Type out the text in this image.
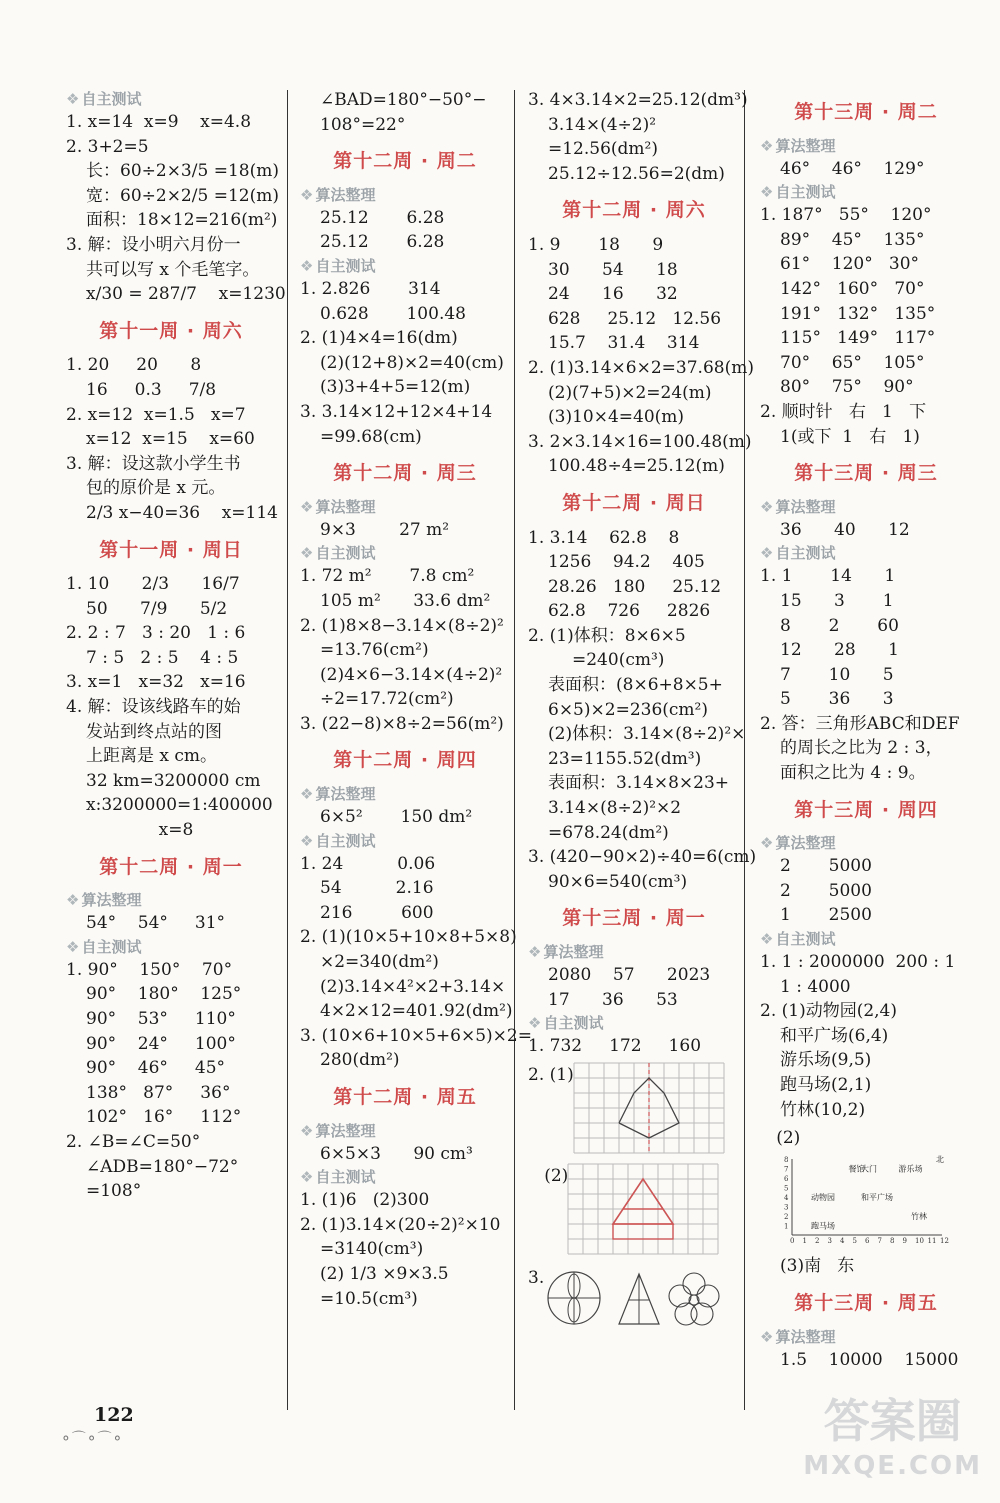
❖ 自主测试
1. x=14  x=9    x=4.8
2. 3+2=5
长：60÷2×3/5 =18(m)
宽：60÷2×2/5 =12(m)
面积：18×12=216(m²)
3. 解：设小明六月份一
共可以写 x 个毛笔字。
x/30 = 287/7    x=1230
第十一周 · 周六
1. 20     20      8
16     0.3     7/8
2. x=12  x=1.5   x=7
x=12  x=15    x=60
3. 解：设这款小学生书
包的原价是 x 元。
2/3 x−40=36    x=114
第十一周 · 周日
1. 10      2/3      16/7
50      7/9      5/2
2. 2 : 7   3 : 20   1 : 6
7 : 5   2 : 5    4 : 5
3. x=1   x=32   x=16
4. 解：设该线路车的始
发站到终点站的图
上距离是 x cm。
32 km=3200000 cm
x:3200000=1:400000
x=8
第十二周 · 周一
❖ 算法整理
54°    54°     31°
❖ 自主测试
1. 90°    150°    70°
90°    180°    125°
90°    53°     110°
90°    24°     100°
90°    46°     45°
138°   87°     36°
102°   16°     112°
2. ∠B=∠C=50°
∠ADB=180°−72°
=108°
∠BAD=180°−50°−
108°=22°
第十二周 · 周二
❖ 算法整理
25.12       6.28
25.12       6.28
❖ 自主测试
1. 2.826       314
0.628       100.48
2. (1)4×4=16(dm)
(2)(12+8)×2=40(cm)
(3)3+4+5=12(m)
3. 3.14×12+12×4+14
=99.68(cm)
第十二周 · 周三
❖ 算法整理
9×3        27 m²
❖ 自主测试
1. 72 m²       7.8 cm²
105 m²      33.6 dm²
2. (1)8×8−3.14×(8÷2)²
=13.76(cm²)
(2)4×6−3.14×(4÷2)²
÷2=17.72(cm²)
3. (22−8)×8÷2=56(m²)
第十二周 · 周四
❖ 算法整理
6×5²       150 dm²
❖ 自主测试
1. 24          0.06
54          2.16
216         600
2. (1)(10×5+10×8+5×8)
×2=340(dm²)
(2)3.14×4²×2+3.14×
4×2×12=401.92(dm²)
3. (10×6+10×5+6×5)×2=
280(dm²)
第十二周 · 周五
❖ 算法整理
6×5×3      90 cm³
❖ 自主测试
1. (1)6   (2)300
2. (1)3.14×(20÷2)²×10
=3140(cm³)
(2) 1/3 ×9×3.5
=10.5(cm³)
3. 4×3.14×2=25.12(dm³)
3.14×(4÷2)²
=12.56(dm²)
25.12÷12.56=2(dm)
第十二周 · 周六
1. 9       18      9
30      54      18
24      16      32
628     25.12   12.56
15.7    31.4    314
2. (1)3.14×6×2=37.68(m)
(2)(7+5)×2=24(m)
(3)10×4=40(m)
3. 2×3.14×16=100.48(m)
100.48÷4=25.12(m)
第十二周 · 周日
1. 3.14    62.8    8
1256    94.2    405
28.26   180     25.12
62.8    726     2826
2. (1)体积：8×6×5
=240(cm³)
表面积：(8×6+8×5+
6×5)×2=236(cm²)
(2)体积：3.14×(8÷2)²×
23=1155.52(dm³)
表面积：3.14×8×23+
3.14×(8÷2)²×2
=678.24(dm²)
3. (420−90×2)÷40=6(cm)
90×6=540(cm³)
第十三周 · 周一
❖ 算法整理
2080    57      2023
17      36      53
❖ 自主测试
1. 732     172     160
2. (1)
(2)
3.
第十三周 · 周二
❖ 算法整理
46°    46°    129°
❖ 自主测试
1. 187°   55°    120°
89°    45°    135°
61°    120°   30°
142°   160°   70°
191°   132°   135°
115°   149°   117°
70°    65°    105°
80°    75°    90°
2. 顺时针   右   1   下
1(或下  1   右   1)
第十三周 · 周三
❖ 算法整理
36      40      12
❖ 自主测试
1. 1       14      1
15      3       1
8       2       60
12      28      1
7       10      5
5       36      3
2. 答：三角形ABC和DEF
的周长之比为 2 : 3，
面积之比为 4 : 9。
第十三周 · 周四
❖ 算法整理
2       5000
2       5000
1       2500
❖ 自主测试
1. 1 : 2000000  200 : 1
1 : 4000
2. (1)动物园(2,4)
和平广场(6,4)
游乐场(9,5)
跑马场(2,1)
竹林(10,2)
(2)
0 1 2 3 4 5 6 7 8 9 10 11 12
1
2
3
4
5
6
7
8
餐馆
大门	游乐场
动物园	和平广场
竹林
跑马场
北
(3)南   东
第十三周 · 周五
❖ 算法整理
1.5    10000    15000
122
⚬⌒⚬⌒⚬	答案圈
MXQE.COM
